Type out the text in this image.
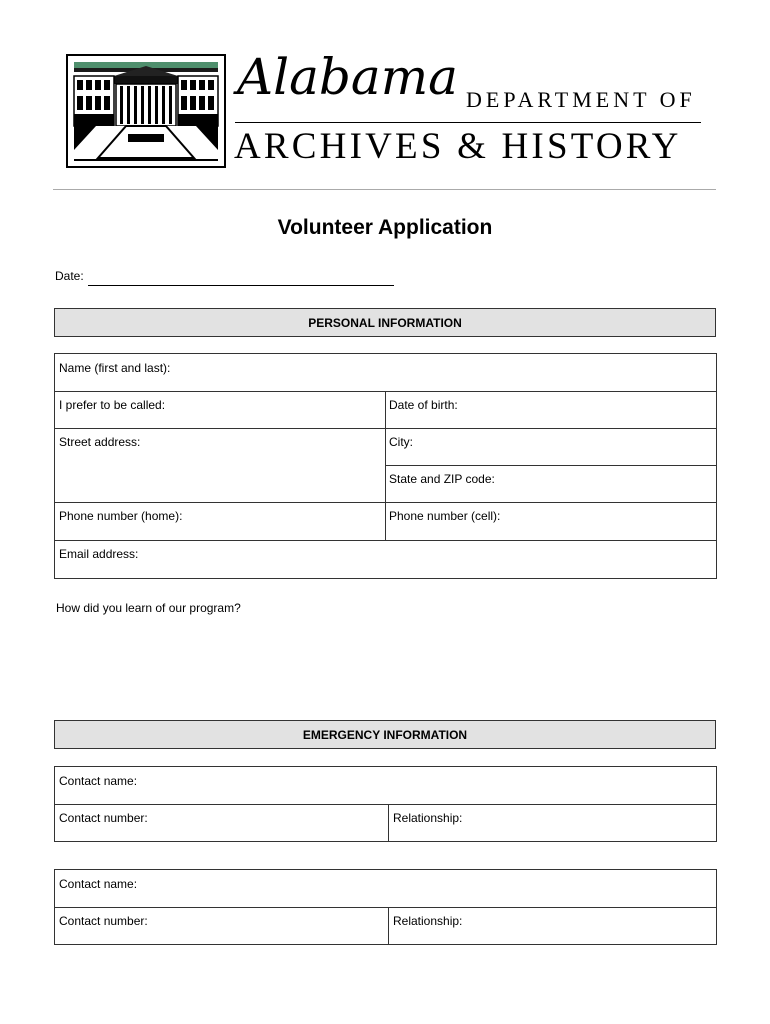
Alabama DEPARTMENT OF
ARCHIVES & HISTORY
Volunteer Application
Date:
PERSONAL INFORMATION
Name (first and last):
I prefer to be called:	Date of birth:
Street address:	City:
State and ZIP code:
Phone number (home):	Phone number (cell):
Email address:
How did you learn of our program?
EMERGENCY INFORMATION
Contact name:
Contact number:	Relationship:
Contact name:
Contact number:	Relationship:
